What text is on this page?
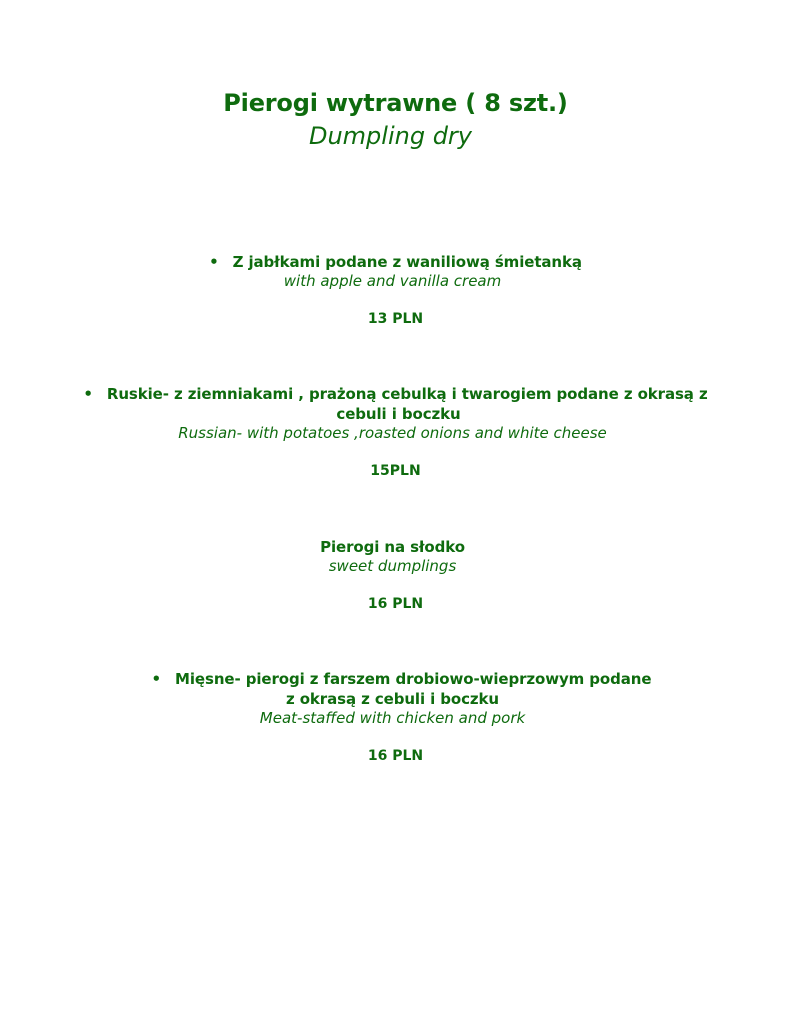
Pierogi wytrawne ( 8 szt.)
Dumpling dry
• Z jabłkami podane z waniliową śmietanką
with apple and vanilla cream
13 PLN
• Ruskie- z ziemniakami , prażoną cebulką i twarogiem podane z okrasą z
cebuli i boczku
Russian- with potatoes ,roasted onions and white cheese
15PLN
Pierogi na słodko
sweet dumplings
16 PLN
• Mięsne- pierogi z farszem drobiowo-wieprzowym podane
z okrasą z cebuli i boczku
Meat-staffed with chicken and pork
16 PLN
